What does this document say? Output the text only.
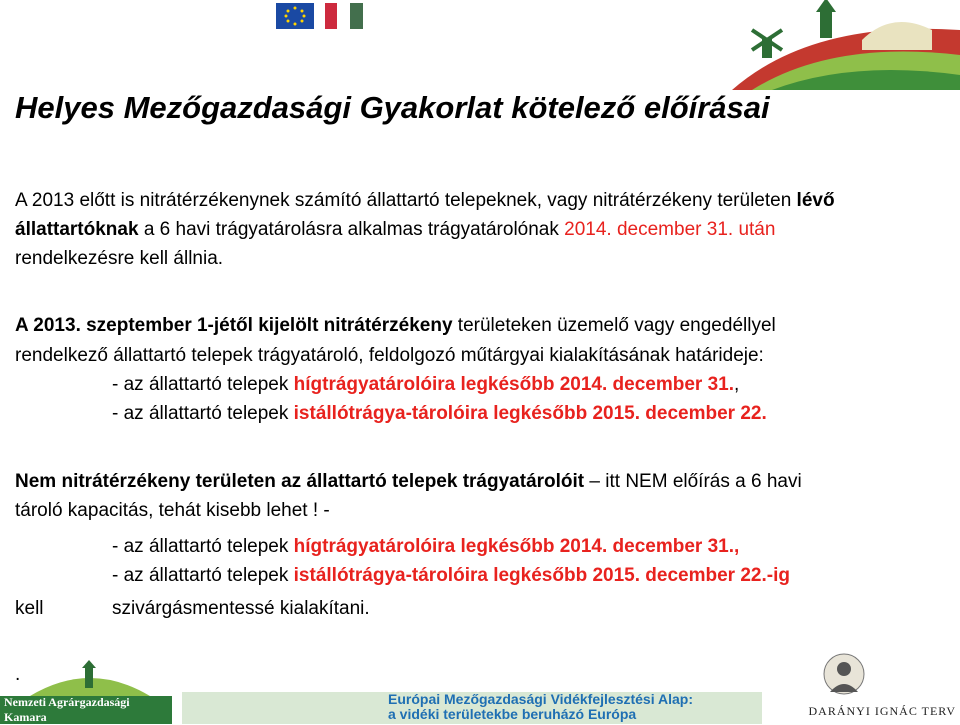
Helyes Mezőgazdasági Gyakorlat kötelező előírásai
A 2013 előtt is nitrátérzékenynek számító állattartó telepeknek, vagy nitrátérzékeny területen lévő állattartóknak a 6 havi trágyatárolásra alkalmas trágyatárolónak 2014. december 31. után
rendelkezésre kell állnia.
A 2013. szeptember 1-jétől kijelölt nitrátérzékeny területeken üzemelő vagy engedéllyel
rendelkező állattartó telepek trágyatároló, feldolgozó műtárgyai kialakításának határideje:
- az állattartó telepek hígtrágyatárolóira legkésőbb 2014. december 31.,
- az állattartó telepek istállótrágya-tárolóira legkésőbb 2015. december 22.
Nem nitrátérzékeny területen az állattartó telepek trágyatárolóit – itt NEM előírás a 6 havi
tároló kapacitás, tehát kisebb lehet ! -
- az állattartó telepek hígtrágyatárolóira legkésőbb 2014. december 31.,
- az állattartó telepek istállótrágya-tárolóira legkésőbb 2015. december 22.-ig
kell	szivárgásmentessé kialakítani.
.
Nemzeti Agrárgazdasági Kamara
Európai Mezőgazdasági Vidékfejlesztési Alap:
a vidéki területekbe beruházó Európa	DARÁNYI IGNÁC TERV
